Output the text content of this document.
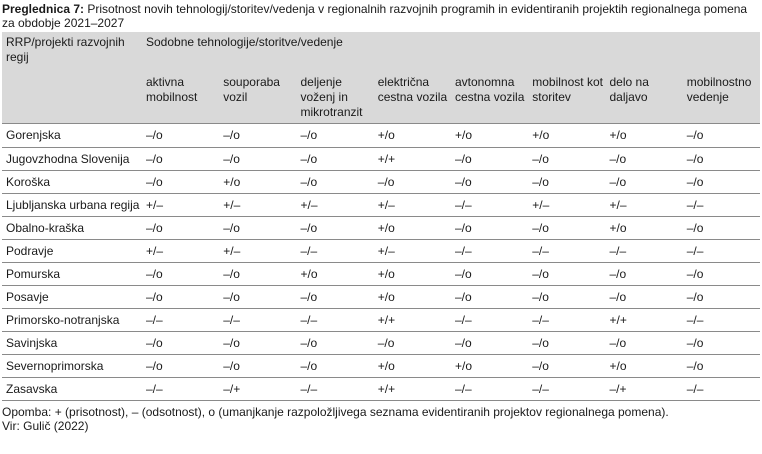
Preglednica 7: Prisotnost novih tehnologij/storitev/vedenja v regionalnih razvojnih programih in evidentiranih projektih regionalnega pomena za obdobje 2021–2027
RRP/projekti razvojnih regij	Sodobne tehnologije/storitve/vedenje							
	aktivna mobilnost	souporaba vozil	deljenje voženj in mikrotranzit	električna cestna vozila	avtonomna cestna vozila	mobilnost kot storitev	delo na daljavo	mobilnostno vedenje
Gorenjska	–/o	–/o	–/o	+/o	+/o	+/o	+/o	–/o
Jugovzhodna Slovenija	–/o	–/o	–/o	+/+	–/o	–/o	–/o	–/o
Koroška	–/o	+/o	–/o	–/o	–/o	–/o	–/o	–/o
Ljubljanska urbana regija	+/–	+/–	+/–	+/–	–/–	+/–	+/–	–/–
Obalno-kraška	–/o	–/o	–/o	+/o	–/o	–/o	+/o	–/o
Podravje	+/–	+/–	–/–	+/–	–/–	–/–	–/–	–/–
Pomurska	–/o	–/o	+/o	+/o	–/o	–/o	–/o	–/o
Posavje	–/o	–/o	–/o	+/o	–/o	–/o	–/o	–/o
Primorsko-notranjska	–/–	–/–	–/–	+/+	–/–	–/–	+/+	–/–
Savinjska	–/o	–/o	–/o	–/o	–/o	–/o	–/o	–/o
Severnoprimorska	–/o	–/o	–/o	+/o	+/o	–/o	+/o	–/o
Zasavska	–/–	–/+	–/–	+/+	–/–	–/–	–/+	–/–
Opomba: + (prisotnost), – (odsotnost), o (umanjkanje razpoložljivega seznama evidentiranih projektov regionalnega pomena).
Vir: Gulič (2022)
